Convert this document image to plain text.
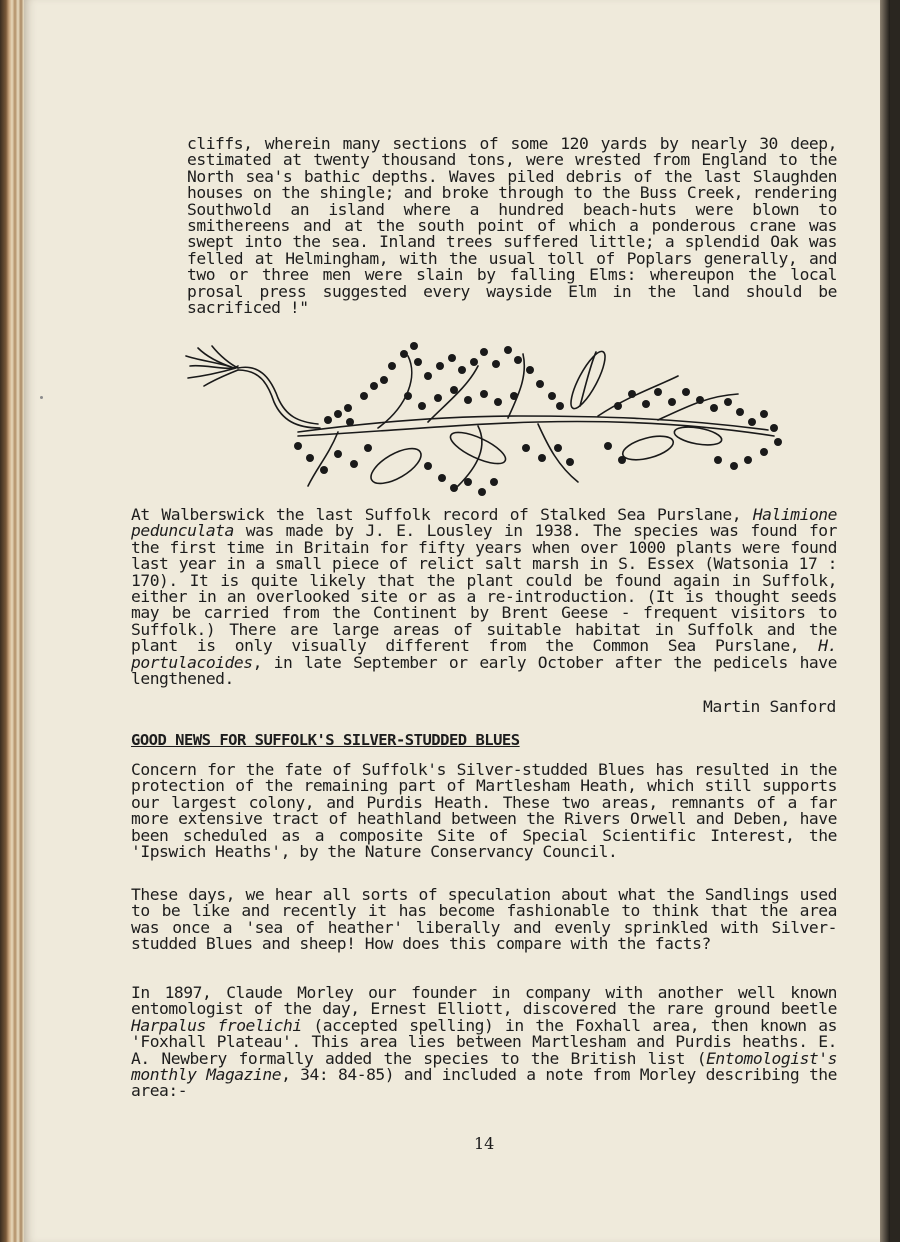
cliffs, wherein many sections of some 120 yards by nearly 30 deep, estimated at twenty thousand tons, were wrested from England to the North sea's bathic depths. Waves piled debris of the last Slaughden houses on the shingle; and broke through to the Buss Creek, rendering Southwold an island where a hundred beach-huts were blown to smithereens and at the south point of which a ponderous crane was swept into the sea. Inland trees suffered little; a splendid Oak was felled at Helmingham, with the usual toll of Poplars generally, and two or three men were slain by falling Elms: whereupon the local prosal press suggested every wayside Elm in the land should be sacrificed !"
At Walberswick the last Suffolk record of Stalked Sea Purslane, Halimione pedunculata was made by J. E. Lousley in 1938. The species was found for the first time in Britain for fifty years when over 1000 plants were found last year in a small piece of relict salt marsh in S. Essex (Watsonia 17 : 170). It is quite likely that the plant could be found again in Suffolk, either in an overlooked site or as a re-introduction. (It is thought seeds may be carried from the Continent by Brent Geese - frequent visitors to Suffolk.) There are large areas of suitable habitat in Suffolk and the plant is only visually different from the Common Sea Purslane, H. portulacoides, in late September or early October after the pedicels have lengthened.
Martin Sanford
GOOD NEWS FOR SUFFOLK'S SILVER-STUDDED BLUES
Concern for the fate of Suffolk's Silver-studded Blues has resulted in the protection of the remaining part of Martlesham Heath, which still supports our largest colony, and Purdis Heath. These two areas, remnants of a far more extensive tract of heathland between the Rivers Orwell and Deben, have been scheduled as a composite Site of Special Scientific Interest, the 'Ipswich Heaths', by the Nature Conservancy Council.
These days, we hear all sorts of speculation about what the Sandlings used to be like and recently it has become fashionable to think that the area was once a 'sea of heather' liberally and evenly sprinkled with Silver-studded Blues and sheep! How does this compare with the facts?
In 1897, Claude Morley our founder in company with another well known entomologist of the day, Ernest Elliott, discovered the rare ground beetle Harpalus froelichi (accepted spelling) in the Foxhall area, then known as 'Foxhall Plateau'. This area lies between Martlesham and Purdis heaths. E. A. Newbery formally added the species to the British list (Entomologist's monthly Magazine, 34: 84-85) and included a note from Morley describing the area:-
14
